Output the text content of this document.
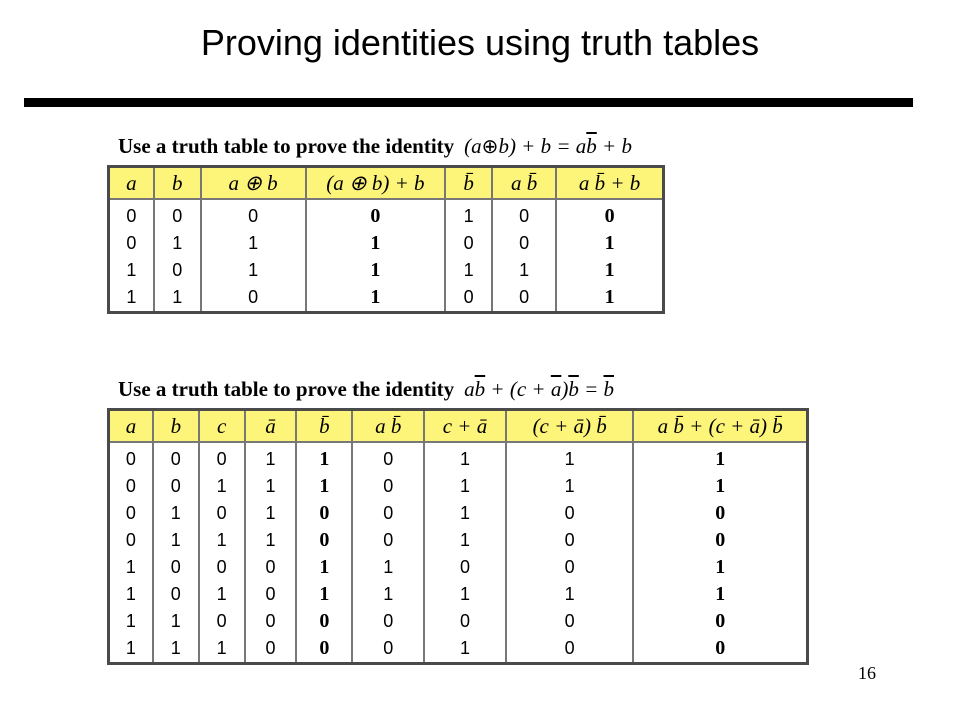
Proving identities using truth tables
Use a truth table to prove the identity (a⊕b) + $b = a\overline{b} + b$
a	b	a ⊕ b	(a ⊕ b) + b	b̄	a b̄	a b̄ + b
0	0	0	0	1	0	0
0	1	1	1	0	0	1
1	0	1	1	1	1	1
1	1	0	1	0	0	1
Use a truth table to prove the identity $a\overline{b} + (c + \overline{a})\overline{b} = \overline{b}$
a	b	c	ā	b̄	a b̄	c + ā	(c + ā) b̄	a b̄ + (c + ā) b̄
0	0	0	1	1	0	1	1	1
0	0	1	1	1	0	1	1	1
0	1	0	1	0	0	1	0	0
0	1	1	1	0	0	1	0	0
1	0	0	0	1	1	0	0	1
1	0	1	0	1	1	1	1	1
1	1	0	0	0	0	0	0	0
1	1	1	0	0	0	1	0	0
16
